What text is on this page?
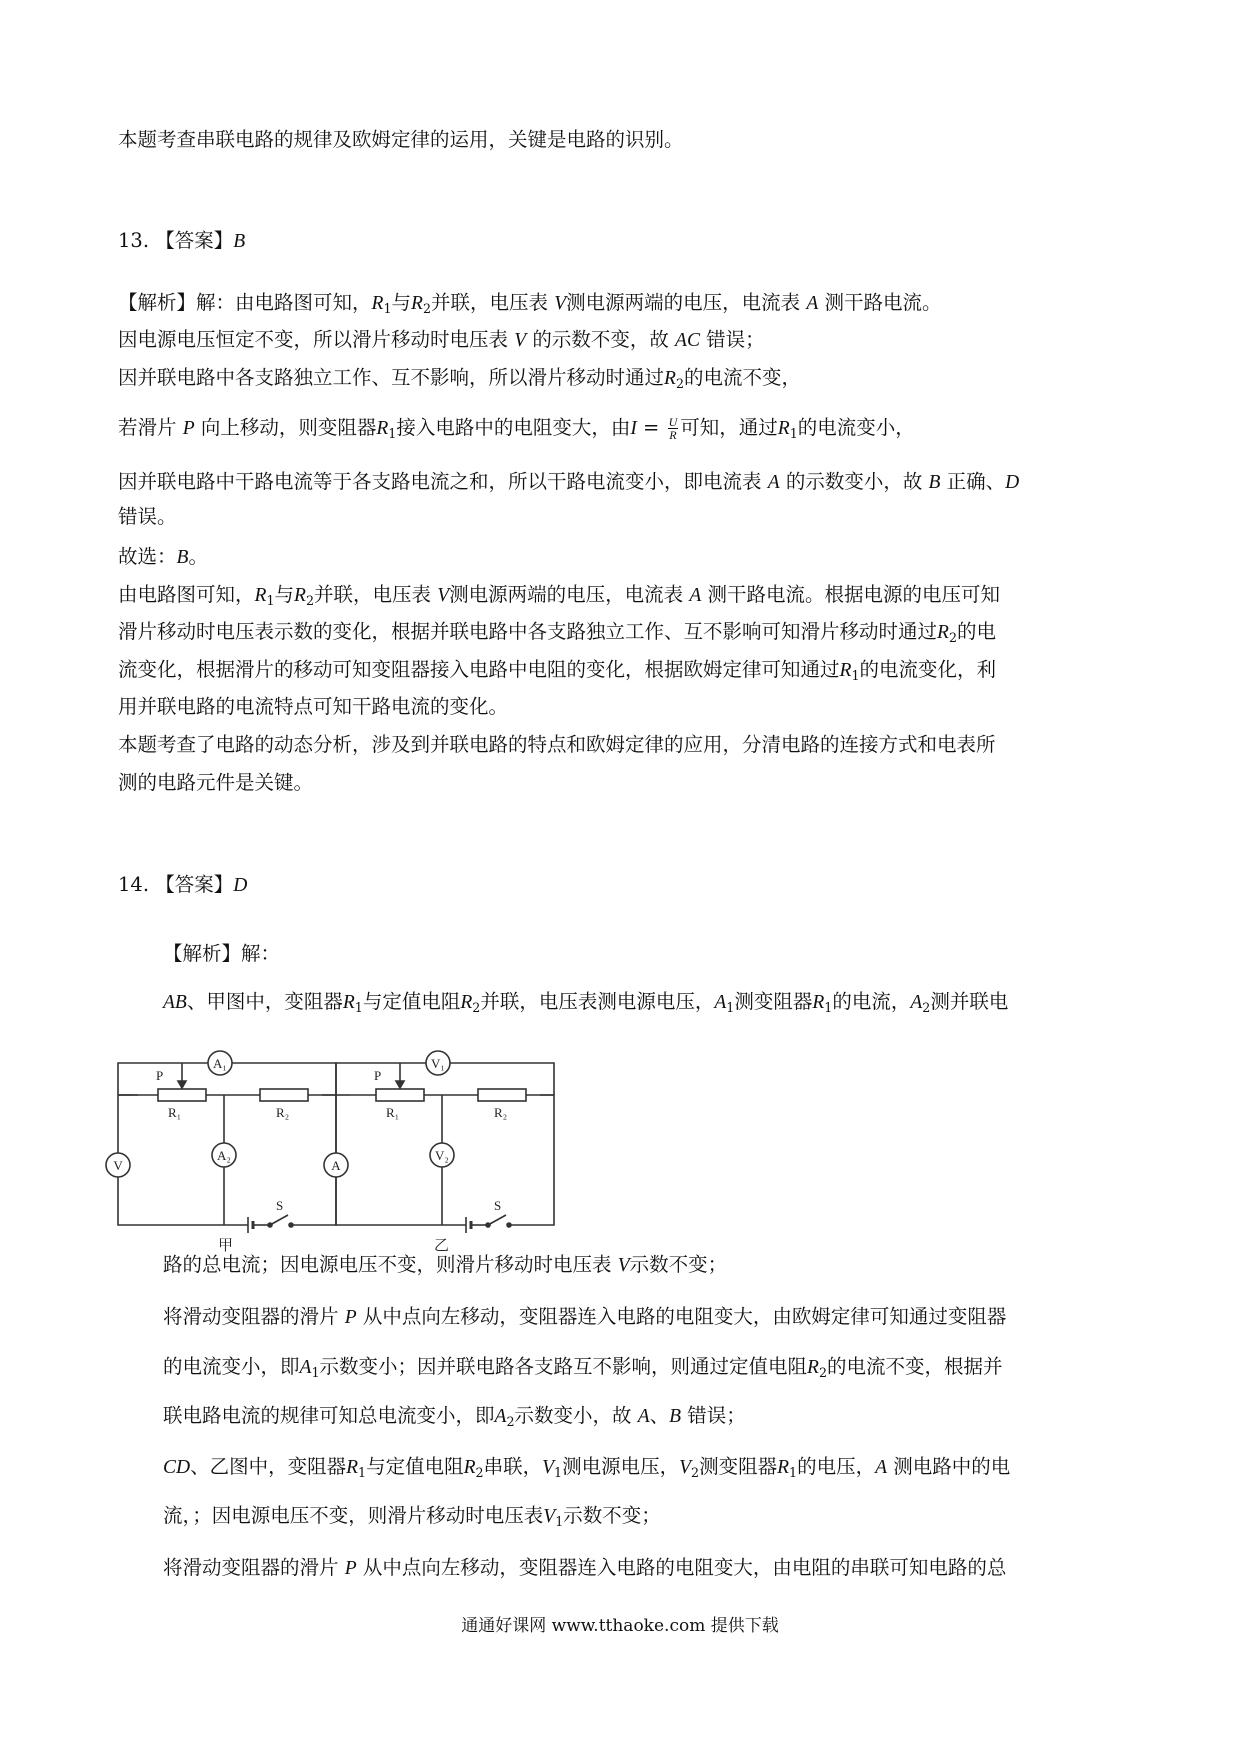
本题考查串联电路的规律及欧姆定律的运用，关键是电路的识别。
13. 【答案】B
【解析】解：由电路图可知，$R_1$与$R_2$并联，电压表 V测电源两端的电压，电流表 A 测干路电流。
因电源电压恒定不变，所以滑片移动时电压表 V 的示数不变，故 AC 错误；
因并联电路中各支路独立工作、互不影响，所以滑片移动时通过$R_2$的电流不变，
若滑片 P 向上移动，则变阻器$R_1$接入电路中的电阻变大，由$I = \frac{U}{R}$ 可知，通过$R_1$的电流变小，
因并联电路中干路电流等于各支路电流之和，所以干路电流变小，即电流表 A 的示数变小，故 B 正确、D
错误。
故选：B。
由电路图可知，$R_1$与$R_2$并联，电压表 V测电源两端的电压，电流表 A 测干路电流。根据电源的电压可知
滑片移动时电压表示数的变化，根据并联电路中各支路独立工作、互不影响可知滑片移动时通过$R_2$的电
流变化，根据滑片的移动可知变阻器接入电路中电阻的变化，根据欧姆定律可知通过$R_1$的电流变化，利
用并联电路的电流特点可知干路电流的变化。
本题考查了电路的动态分析，涉及到并联电路的特点和欧姆定律的应用，分清电路的连接方式和电表所
测的电路元件是关键。
14. 【答案】D
【解析】解：
AB、甲图中，变阻器$R_1$与定值电阻$R_2$并联，电压表测电源电压，$A_1$测变阻器$R_1$的电流，$A_2$测并联电
A₁
V
A₂
P
R₁	R₂
S
甲
V₁
A
V₂
P
R₁	R₂
S
乙
路的总电流；因电源电压不变，则滑片移动时电压表 V示数不变；
将滑动变阻器的滑片 P 从中点向左移动，变阻器连入电路的电阻变大，由欧姆定律可知通过变阻器
的电流变小，即$A_1$示数变小；因并联电路各支路互不影响，则通过定值电阻$R_2$的电流不变，根据并
联电路电流的规律可知总电流变小，即$A_2$示数变小，故 A、B 错误；
CD、乙图中，变阻器$R_1$与定值电阻$R_2$串联，$V_1$测电源电压，$V_2$测变阻器$R_1$的电压，A 测电路中的电
流，；因电源电压不变，则滑片移动时电压表$V_1$示数不变；
将滑动变阻器的滑片 P 从中点向左移动，变阻器连入电路的电阻变大，由电阻的串联可知电路的总
通通好课网 www.tthaoke.com 提供下载
